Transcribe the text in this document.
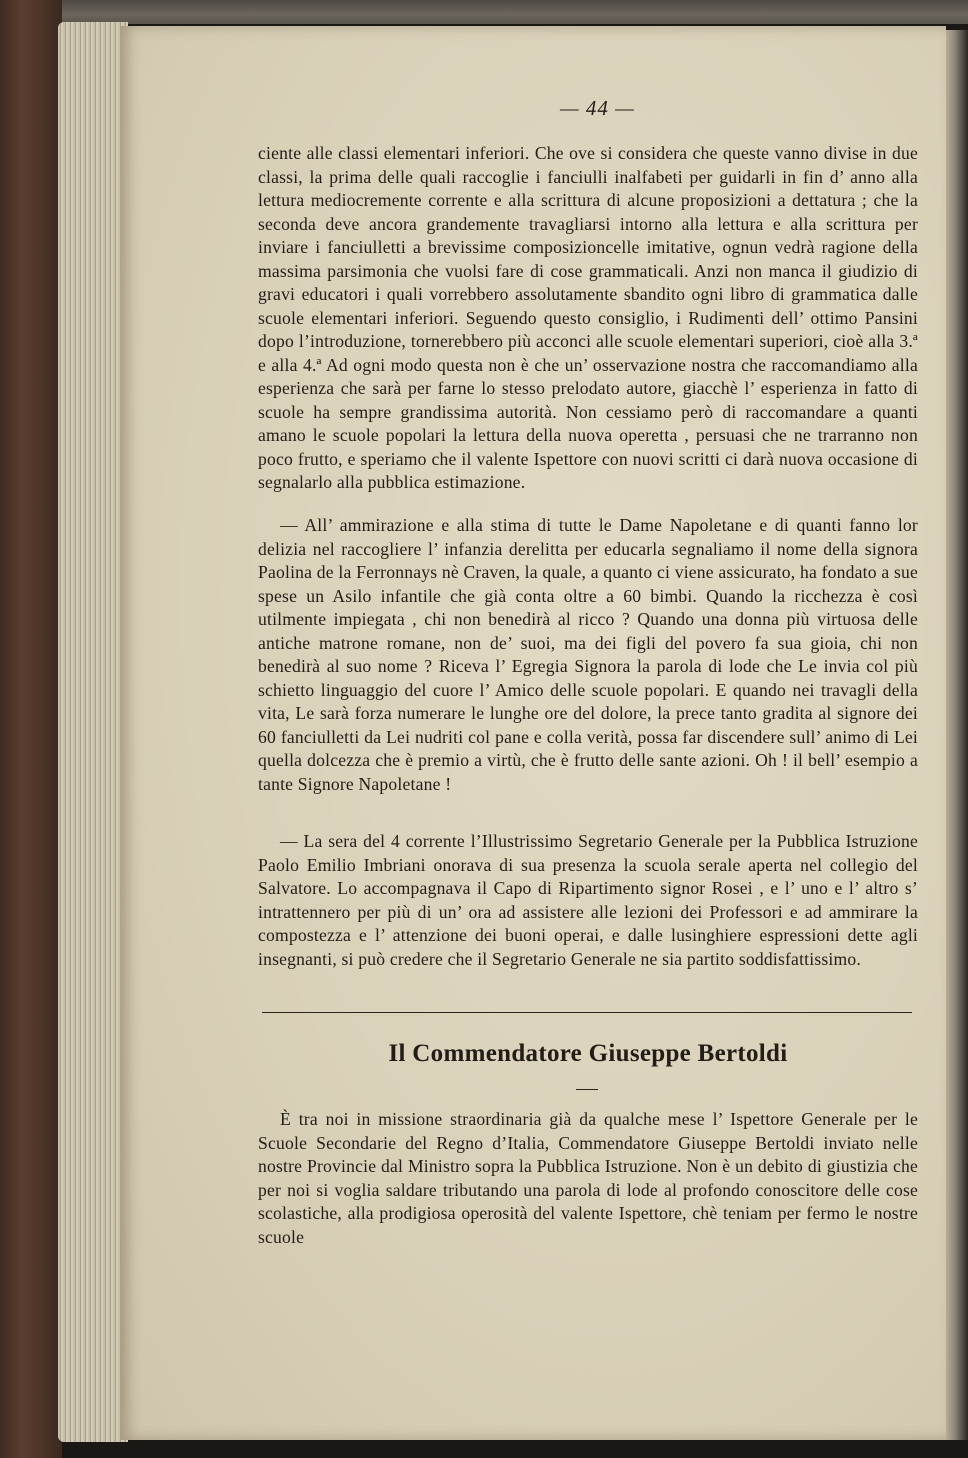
— 44 —
ciente alle classi elementari inferiori. Che ove si considera che queste vanno divise in due classi, la prima delle quali raccoglie i fanciulli inalfabeti per guidarli in fin d’ anno alla lettura mediocremente corrente e alla scrittura di alcune proposizioni a dettatura ; che la seconda deve ancora grandemente travagliarsi intorno alla lettura e alla scrittura per inviare i fanciulletti a brevissime composizioncelle imitative, ognun vedrà ragione della massima parsimonia che vuolsi fare di cose grammaticali. Anzi non manca il giudizio di gravi educatori i quali vorrebbero assolutamente sbandito ogni libro di grammatica dalle scuole elementari inferiori. Seguendo questo consiglio, i Rudimenti dell’ ottimo Pansini dopo l’introduzione, tornerebbero più acconci alle scuole elementari superiori, cioè alla 3.ª e alla 4.ª Ad ogni modo questa non è che un’ osservazione nostra che raccomandiamo alla esperienza che sarà per farne lo stesso prelodato autore, giacchè l’ esperienza in fatto di scuole ha sempre grandissima autorità. Non cessiamo però di raccomandare a quanti amano le scuole popolari la lettura della nuova operetta , persuasi che ne trarranno non poco frutto, e speriamo che il valente Ispettore con nuovi scritti ci darà nuova occasione di segnalarlo alla pubblica estimazione.
— All’ ammirazione e alla stima di tutte le Dame Napoletane e di quanti fanno lor delizia nel raccogliere l’ infanzia derelitta per educarla segnaliamo il nome della signora Paolina de la Ferronnays nè Craven, la quale, a quanto ci viene assicurato, ha fondato a sue spese un Asilo infantile che già conta oltre a 60 bimbi. Quando la ricchezza è così utilmente impiegata , chi non benedirà al ricco ? Quando una donna più virtuosa delle antiche matrone romane, non de’ suoi, ma dei figli del povero fa sua gioia, chi non benedirà al suo nome ? Riceva l’ Egregia Signora la parola di lode che Le invia col più schietto linguaggio del cuore l’ Amico delle scuole popolari. E quando nei travagli della vita, Le sarà forza numerare le lunghe ore del dolore, la prece tanto gradita al signore dei 60 fanciulletti da Lei nudriti col pane e colla verità, possa far discendere sull’ animo di Lei quella dolcezza che è premio a virtù, che è frutto delle sante azioni. Oh ! il bell’ esempio a tante Signore Napoletane !
— La sera del 4 corrente l’Illustrissimo Segretario Generale per la Pubblica Istruzione Paolo Emilio Imbriani onorava di sua presenza la scuola serale aperta nel collegio del Salvatore. Lo accompagnava il Capo di Ripartimento signor Rosei , e l’ uno e l’ altro s’ intrattennero per più di un’ ora ad assistere alle lezioni dei Professori e ad ammirare la compostezza e l’ attenzione dei buoni operai, e dalle lusinghiere espressioni dette agli insegnanti, si può credere che il Segretario Generale ne sia partito soddisfattissimo.
Il Commendatore Giuseppe Bertoldi
È tra noi in missione straordinaria già da qualche mese l’ Ispettore Generale per le Scuole Secondarie del Regno d’Italia, Commendatore Giuseppe Bertoldi inviato nelle nostre Provincie dal Ministro sopra la Pubblica Istruzione. Non è un debito di giustizia che per noi si voglia saldare tributando una parola di lode al profondo conoscitore delle cose scolastiche, alla prodigiosa operosità del valente Ispettore, chè teniam per fermo le nostre scuole
